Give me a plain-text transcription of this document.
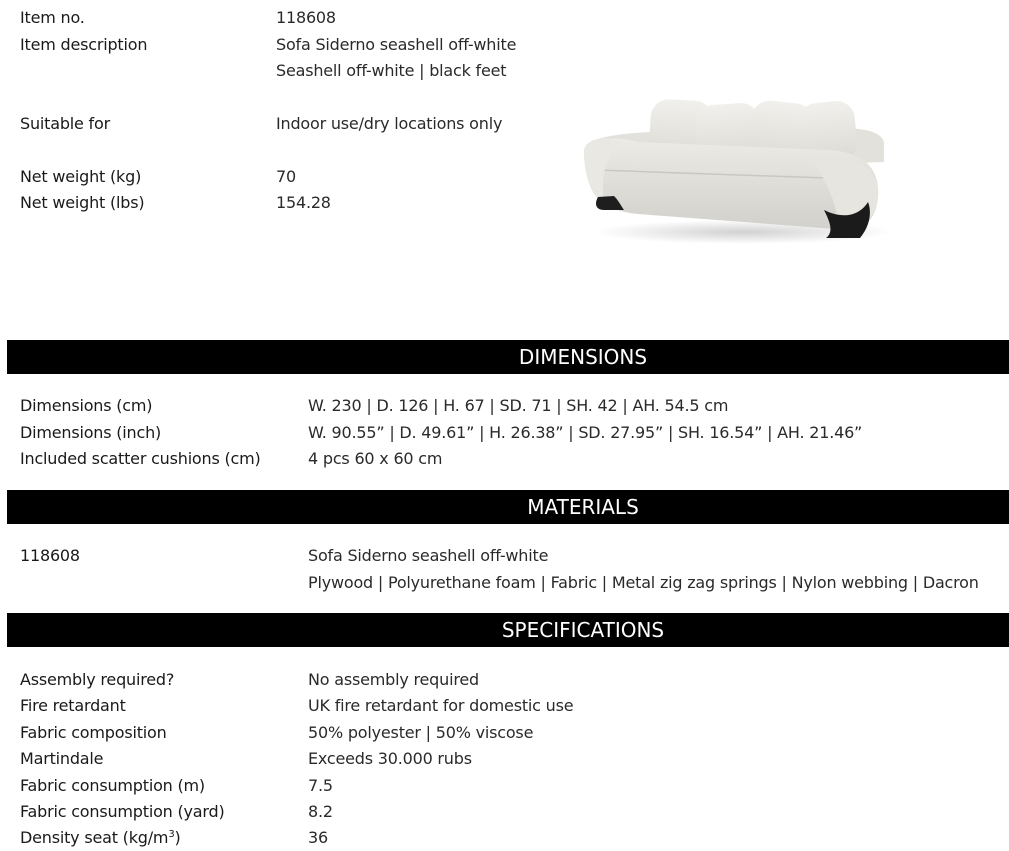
Item no.	118608
Item description	Sofa Siderno seashell off-white
Seashell off-white | black feet
Suitable for	Indoor use/dry locations only
Net weight (kg)	70
Net weight (lbs)	154.28
DIMENSIONS
Dimensions (cm)	W. 230 | D. 126 | H. 67 | SD. 71 | SH. 42 | AH. 54.5 cm
Dimensions (inch)	W. 90.55” | D. 49.61” | H. 26.38” | SD. 27.95” | SH. 16.54” | AH. 21.46”
Included scatter cushions (cm)	4 pcs 60 x 60 cm
MATERIALS
118608	Sofa Siderno seashell off-white
Plywood | Polyurethane foam | Fabric | Metal zig zag springs | Nylon webbing | Dacron
SPECIFICATIONS
Assembly required?	No assembly required
Fire retardant	UK fire retardant for domestic use
Fabric composition	50% polyester | 50% viscose
Martindale	Exceeds 30.000 rubs
Fabric consumption (m)	7.5
Fabric consumption (yard)	8.2
Density seat $(kg/m^3)$	36
